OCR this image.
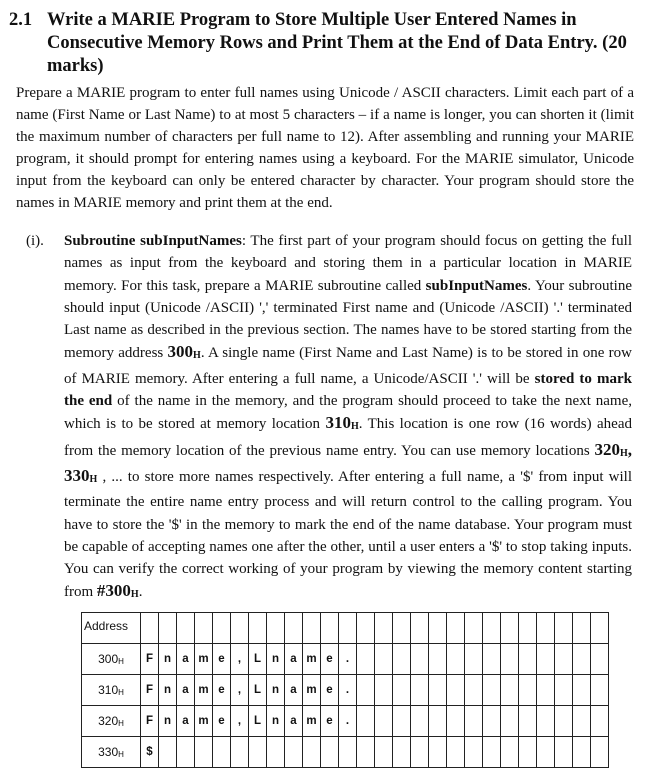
2.1 Write a MARIE Program to Store Multiple User Entered Names in Consecutive Memory Rows and Print Them at the End of Data Entry. (20 marks)
Prepare a MARIE program to enter full names using Unicode / ASCII characters. Limit each part of a name (First Name or Last Name) to at most 5 characters – if a name is longer, you can shorten it (limit the maximum number of characters per full name to 12). After assembling and running your MARIE program, it should prompt for entering names using a keyboard. For the MARIE simulator, Unicode input from the keyboard can only be entered character by character. Your program should store the names in MARIE memory and print them at the end.
(i). Subroutine subInputNames: The first part of your program should focus on getting the full names as input from the keyboard and storing them in a particular location in MARIE memory. For this task, prepare a MARIE subroutine called subInputNames. Your subroutine should input (Unicode /ASCII) ',' terminated First name and (Unicode /ASCII) '.' terminated Last name as described in the previous section. The names have to be stored starting from the memory address $300_H$. A single name (First Name and Last Name) is to be stored in one row of MARIE memory. After entering a full name, a Unicode/ASCII '.' will be stored to mark the end of the name in the memory, and the program should proceed to take the next name, which is to be stored at memory location $310_H$. This location is one row (16 words) ahead from the memory location of the previous name entry. You can use memory locations $320_H$, $330_H$ , ... to store more names respectively. After entering a full name, a '$' from input will terminate the entire name entry process and will return control to the calling program. You have to store the '$' in the memory to mark the end of the name database. Your program must be capable of accepting names one after the other, until a user enters a '$' to stop taking inputs. You can verify the correct working of your program by viewing the memory content starting from $\#300_H$.
Address																										
$300_H$	F	n	a	m	e	,	L	n	a	m	e	.														
$310_H$	F	n	a	m	e	,	L	n	a	m	e	.														
$320_H$	F	n	a	m	e	,	L	n	a	m	e	.														
$330_H$	$																									
